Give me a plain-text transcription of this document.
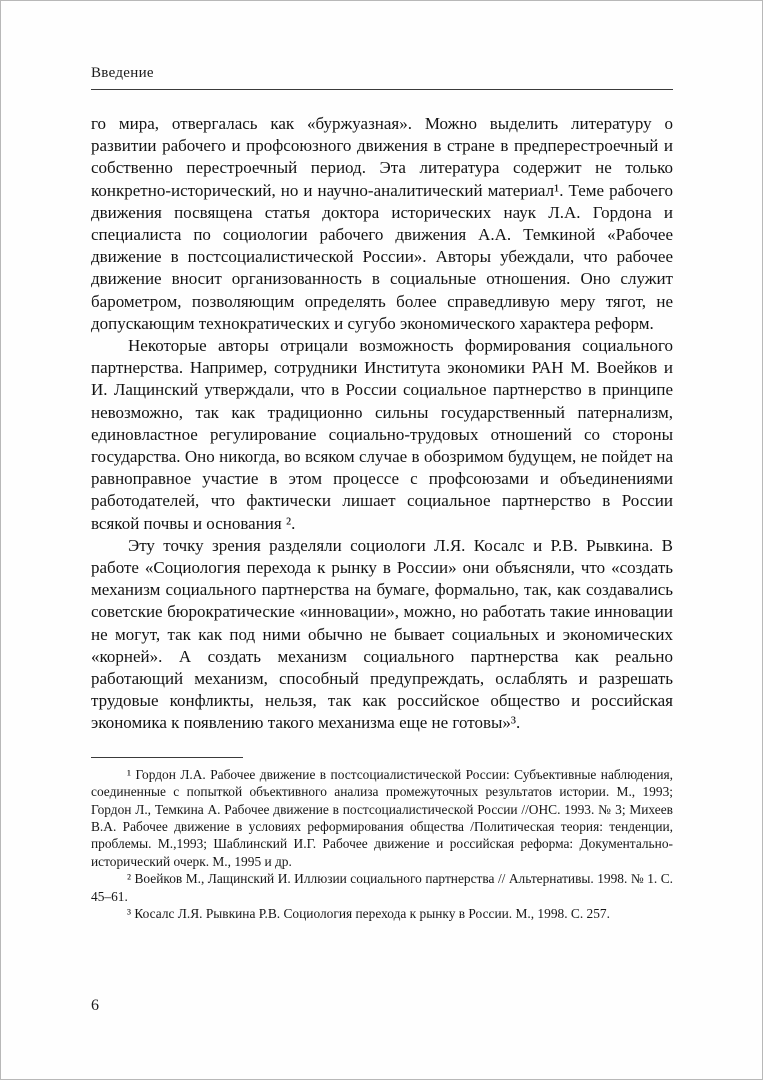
Введение

го мира, отвергалась как «буржуазная». Можно выделить литературу о развитии рабочего и профсоюзного движения в стране в предперестроечный и собственно перестроечный период. Эта литература содержит не только конкретно-исторический, но и научно-аналитический материал¹. Теме рабочего движения посвящена статья доктора исторических наук Л.А. Гордона и специалиста по социологии рабочего движения А.А. Темкиной «Рабочее движение в постсоциалистической России». Авторы убеждали, что рабочее движение вносит организованность в социальные отношения. Оно служит барометром, позволяющим определять более справедливую меру тягот, не допускающим технократических и сугубо экономического характера реформ.

Некоторые авторы отрицали возможность формирования социального партнерства. Например, сотрудники Института экономики РАН М. Воейков и И. Лащинский утверждали, что в России социальное партнерство в принципе невозможно, так как традиционно сильны государственный патернализм, единовластное регулирование социально-трудовых отношений со стороны государства. Оно никогда, во всяком случае в обозримом будущем, не пойдет на равноправное участие в этом процессе с профсоюзами и объединениями работодателей, что фактически лишает социальное партнерство в России всякой почвы и основания ².

Эту точку зрения разделяли социологи Л.Я. Косалс и Р.В. Рывкина. В работе «Социология перехода к рынку в России» они объясняли, что «создать механизм социального партнерства на бумаге, формально, так, как создавались советские бюрократические «инновации», можно, но работать такие инновации не могут, так как под ними обычно не бывает социальных и экономических «корней». А создать механизм социального партнерства как реально работающий механизм, способный предупреждать, ослаблять и разрешать трудовые конфликты, нельзя, так как российское общество и российская экономика к появлению такого механизма еще не готовы»³.

¹ Гордон Л.А. Рабочее движение в постсоциалистической России: Субъективные наблюдения, соединенные с попыткой объективного анализа промежуточных результатов истории. М., 1993; Гордон Л., Темкина А. Рабочее движение в постсоциалистической России //ОНС. 1993. № 3; Михеев В.А. Рабочее движение в условиях реформирования общества /Политическая теория: тенденции, проблемы. М.,1993; Шаблинский И.Г. Рабочее движение и российская реформа: Документально-исторический очерк. М., 1995 и др.

² Воейков М., Лащинский И. Иллюзии социального партнерства // Альтернативы. 1998. № 1. С. 45–61.

³ Косалс Л.Я. Рывкина Р.В. Социология перехода к рынку в России. М., 1998. С. 257.

6
